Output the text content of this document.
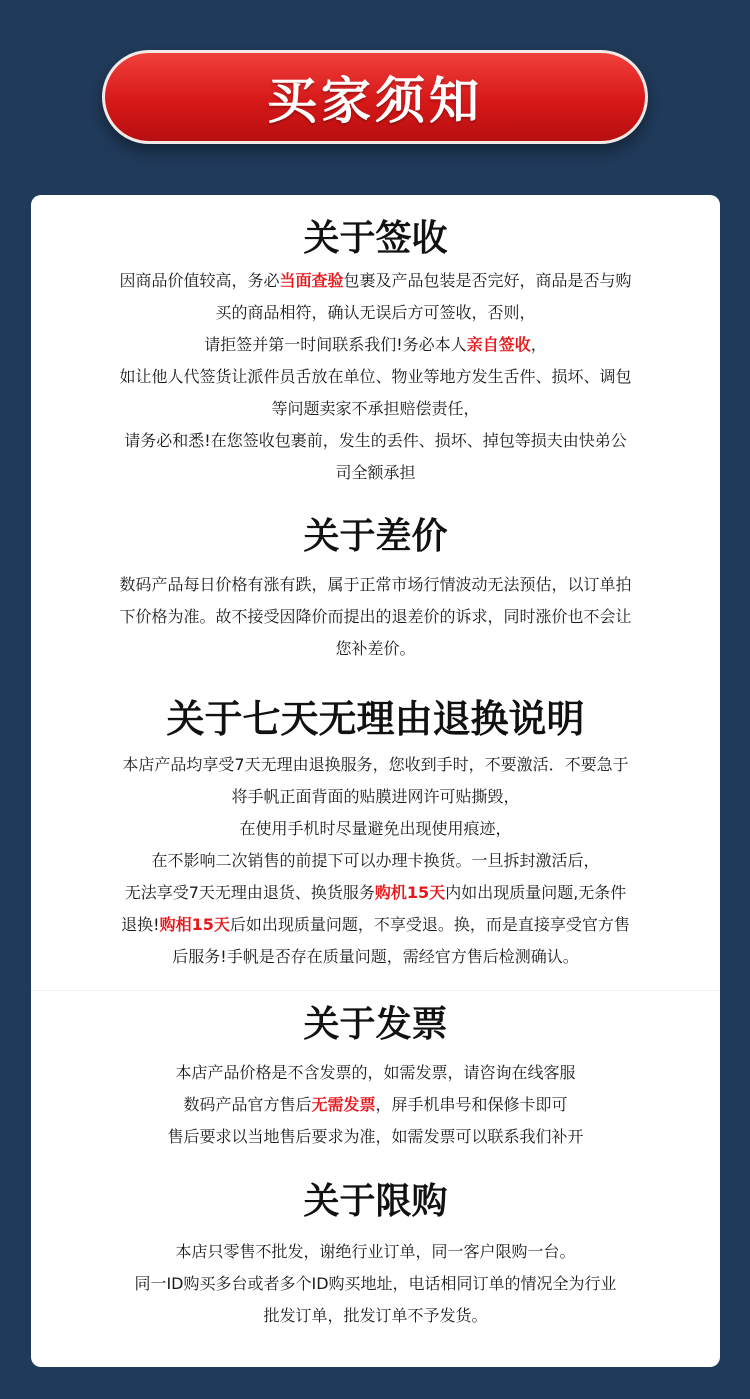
买家须知
关于签收
因商品价值较高，务必当面查验包裹及产品包装是否完好，商品是否与购
买的商品相符，确认无误后方可签收，否则，
请拒签并第一时间联系我们!务必本人亲自签收，
如让他人代签货让派件员舌放在单位、物业等地方发生舌件、损坏、调包
等问题卖家不承担赔偿责任，
请务必和悉!在您签收包裹前，发生的丢件、损坏、掉包等损夫由快弟公
司全额承担
关于差价
数码产品每日价格有涨有跌，属于正常市场行情波动无法预估，以订单拍
下价格为准。故不接受因降价而提出的退差价的诉求，同时涨价也不会让
您补差价。
关于七天无理由退换说明
本店产品均享受7天无理由退换服务，您收到手时，不要激活．不要急于
将手帆正面背面的贴膜进网许可贴撕毁，
在使用手机时尽量避免出现使用痕迹，
在不影响二次销售的前提下可以办理卡换货。一旦拆封激活后，
无法享受7天无理由退货、换货服务购机15天内如出现质量问题,无条件
退换!购相15天后如出现质量问题，不享受退。换，而是直接享受官方售
后服务!手帆是否存在质量问题，需经官方售后检测确认。
关于发票
本店产品价格是不含发票的，如需发票，请咨询在线客服
数码产品官方售后无需发票，屏手机串号和保修卡即可
售后要求以当地售后要求为准，如需发票可以联系我们补开
关于限购
本店只零售不批发，谢绝行业订单，同一客户限购一台。
同一ID购买多台或者多个ID购买地址，电话相同订单的情况全为行业
批发订单，批发订单不予发货。
